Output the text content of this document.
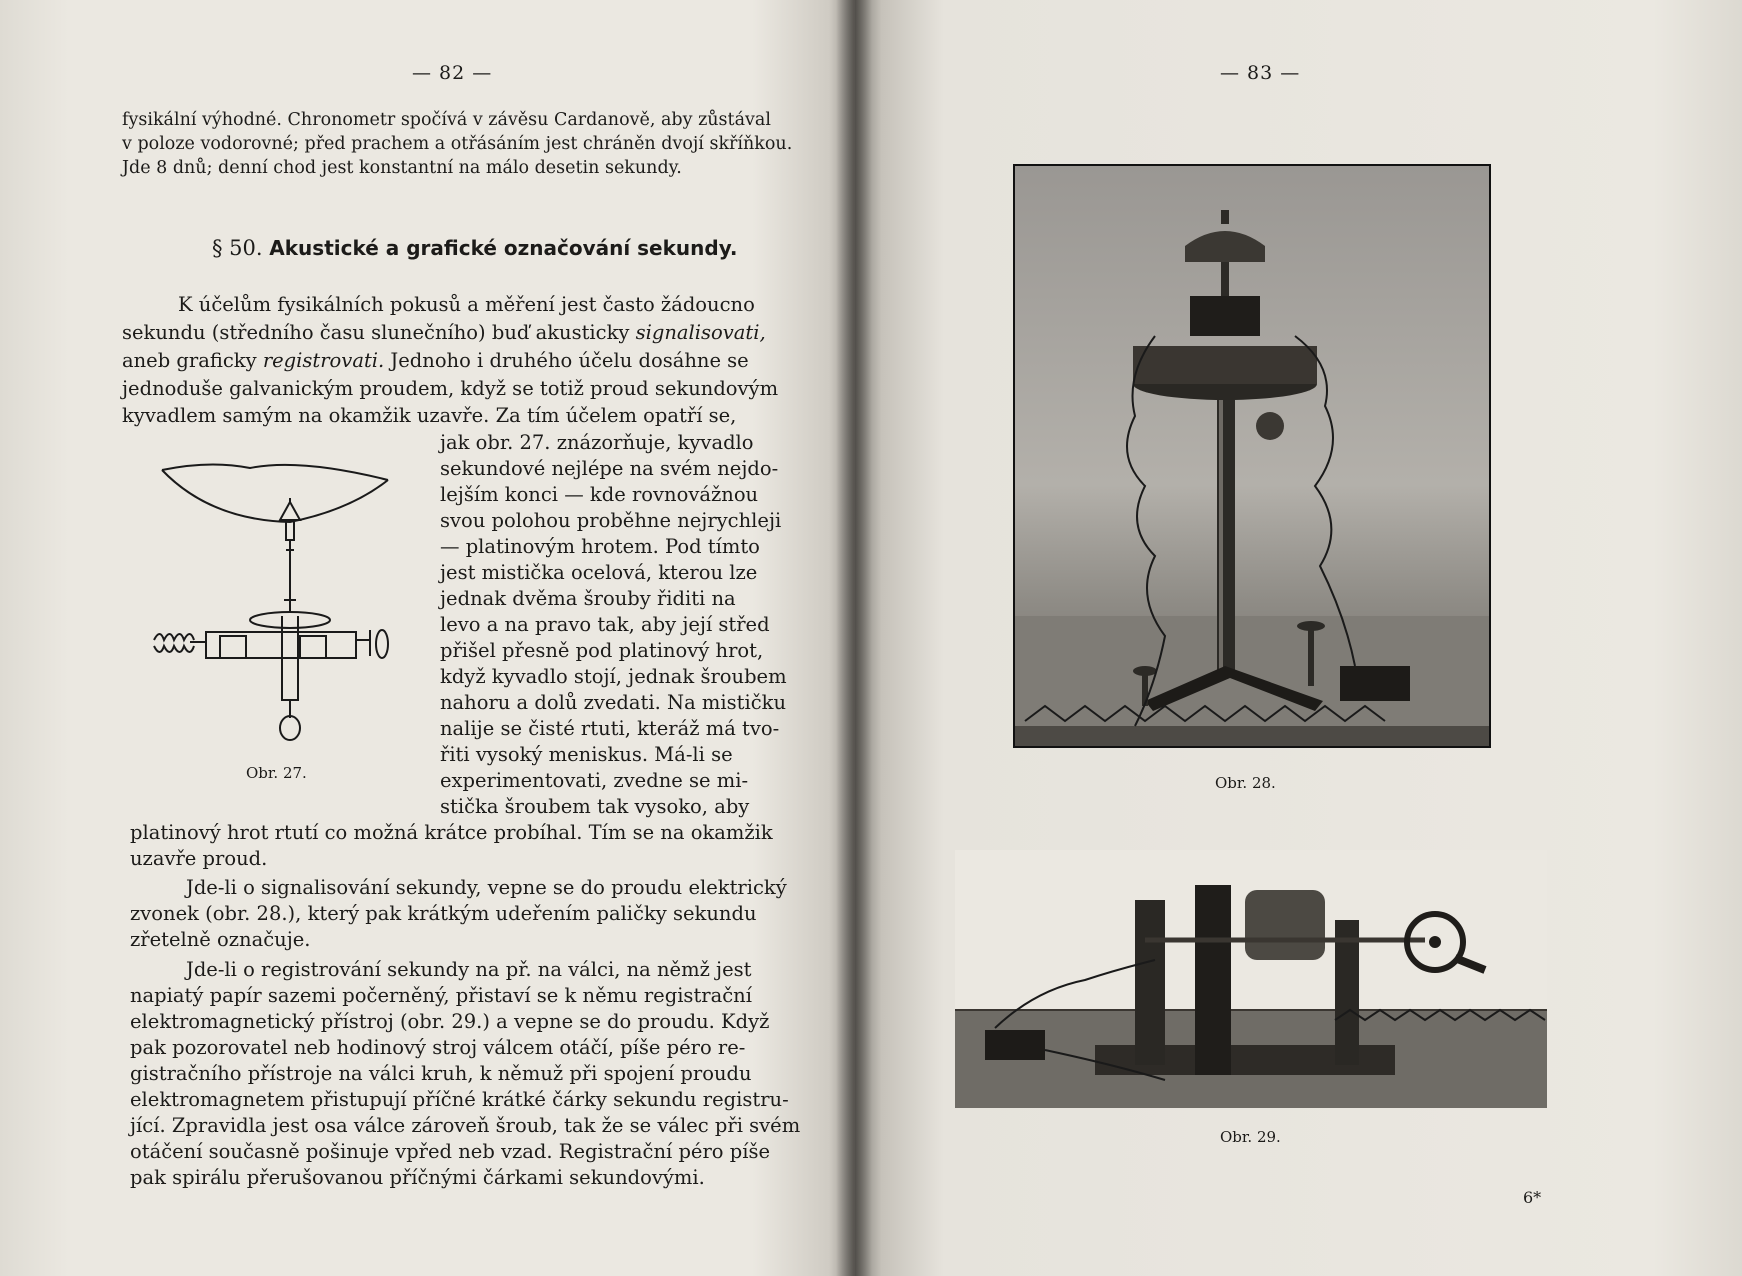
— 82 —
fysikální výhodné. Chronometr spočívá v závěsu Cardanově, aby zůstával
v poloze vodorovné; před prachem a otřásáním jest chráněn dvojí skříňkou.
Jde 8 dnů; denní chod jest konstantní na málo desetin sekundy.
§ 50. Akustické a grafické označování sekundy.
K účelům fysikálních pokusů a měření jest často žádoucno
sekundu (středního času slunečního) buď akusticky signalisovati,
aneb graficky registrovati. Jednoho i druhého účelu dosáhne se
jednoduše galvanickým proudem, když se totiž proud sekundovým
kyvadlem samým na okamžik uzavře. Za tím účelem opatří se,
jak obr. 27. znázorňuje, kyvadlo
sekundové nejlépe na svém nejdo-
lejším konci — kde rovnovážnou
svou polohou proběhne nejrychleji
— platinovým hrotem. Pod tímto
jest mistička ocelová, kterou lze
jednak dvěma šrouby řiditi na
levo a na pravo tak, aby její střed
přišel přesně pod platinový hrot,
když kyvadlo stojí, jednak šroubem
nahoru a dolů zvedati. Na mističku
nalije se čisté rtuti, kteráž má tvo-
řiti vysoký meniskus. Má-li se
experimentovati, zvedne se mi-
stička šroubem tak vysoko, aby
platinový hrot rtutí co možná krátce probíhal. Tím se na okamžik
uzavře proud.
Jde-li o signalisování sekundy, vepne se do proudu elektrický
zvonek (obr. 28.), který pak krátkým udeřením paličky sekundu
zřetelně označuje.
Jde-li o registrování sekundy na př. na válci, na němž jest
napiatý papír sazemi počerněný, přistaví se k němu registrační
elektromagnetický přístroj (obr. 29.) a vepne se do proudu. Když
pak pozorovatel neb hodinový stroj válcem otáčí, píše péro re-
gistračního přístroje na válci kruh, k němuž při spojení proudu
elektromagnetem přistupují příčné krátké čárky sekundu registru-
jící. Zpravidla jest osa válce zároveň šroub, tak že se válec při svém
otáčení současně pošinuje vpřed neb vzad. Registrační péro píše
pak spirálu přerušovanou příčnými čárkami sekundovými.
Obr. 27.
— 83 —
Obr. 28.
Obr. 29.
6*
